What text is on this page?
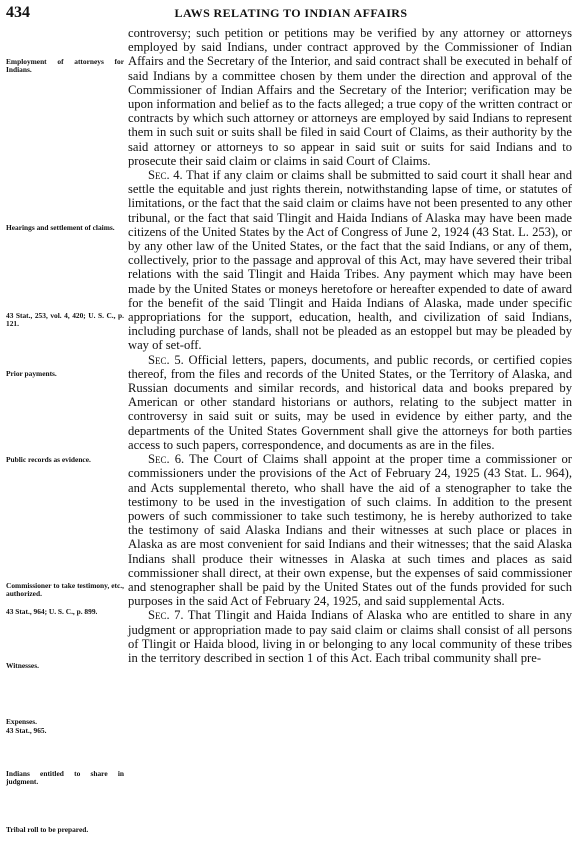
434	LAWS RELATING TO INDIAN AFFAIRS
Employment of attorneys for Indians.
Hearings and settlement of claims.
43 Stat., 253, vol. 4, 420; U. S. C., p. 121.
Prior payments.
Public records as evidence.
Commissioner to take testimony, etc., authorized.
43 Stat., 964; U. S. C., p. 899.
Witnesses.
Expenses.
43 Stat., 965.
Indians entitled to share in judgment.
Tribal roll to be prepared.

controversy; such petition or petitions may be verified by any attorney or attorneys employed by said Indians, under contract approved by the Commissioner of Indian Affairs and the Secretary of the Interior, and said contract shall be executed in behalf of said Indians by a committee chosen by them under the direction and approval of the Commissioner of Indian Affairs and the Secretary of the Interior; verification may be upon information and belief as to the facts alleged; a true copy of the written contract or contracts by which such attorney or attorneys are employed by said Indians to represent them in such suit or suits shall be filed in said Court of Claims, as their authority by the said attorney or attorneys to so appear in said suit or suits for said Indians and to prosecute their said claim or claims in said Court of Claims.

Sec. 4. That if any claim or claims shall be submitted to said court it shall hear and settle the equitable and just rights therein, notwithstanding lapse of time, or statutes of limitations, or the fact that the said claim or claims have not been presented to any other tribunal, or the fact that said Tlingit and Haida Indians of Alaska may have been made citizens of the United States by the Act of Congress of June 2, 1924 (43 Stat. L. 253), or by any other law of the United States, or the fact that the said Indians, or any of them, collectively, prior to the passage and approval of this Act, may have severed their tribal relations with the said Tlingit and Haida Tribes. Any payment which may have been made by the United States or moneys heretofore or hereafter expended to date of award for the benefit of the said Tlingit and Haida Indians of Alaska, made under specific appropriations for the support, education, health, and civilization of said Indians, including purchase of lands, shall not be pleaded as an estoppel but may be pleaded by way of set-off.

Sec. 5. Official letters, papers, documents, and public records, or certified copies thereof, from the files and records of the United States, or the Territory of Alaska, and Russian documents and similar records, and historical data and books prepared by American or other standard historians or authors, relating to the subject matter in controversy in said suit or suits, may be used in evidence by either party, and the departments of the United States Government shall give the attorneys for both parties access to such papers, correspondence, and documents as are in the files.

Sec. 6. The Court of Claims shall appoint at the proper time a commissioner or commissioners under the provisions of the Act of February 24, 1925 (43 Stat. L. 964), and Acts supplemental thereto, who shall have the aid of a stenographer to take the testimony to be used in the investigation of such claims. In addition to the present powers of such commissioner to take such testimony, he is hereby authorized to take the testimony of said Alaska Indians and their witnesses at such place or places in Alaska as are most convenient for said Indians and their witnesses; that the said Alaska Indians shall produce their witnesses in Alaska at such times and places as said commissioner shall direct, at their own expense, but the expenses of said commissioner and stenographer shall be paid by the United States out of the funds provided for such purposes in the said Act of February 24, 1925, and said supplemental Acts.

Sec. 7. That Tlingit and Haida Indians of Alaska who are entitled to share in any judgment or appropriation made to pay said claim or claims shall consist of all persons of Tlingit or Haida blood, living in or belonging to any local community of these tribes in the territory described in section 1 of this Act. Each tribal community shall pre-
